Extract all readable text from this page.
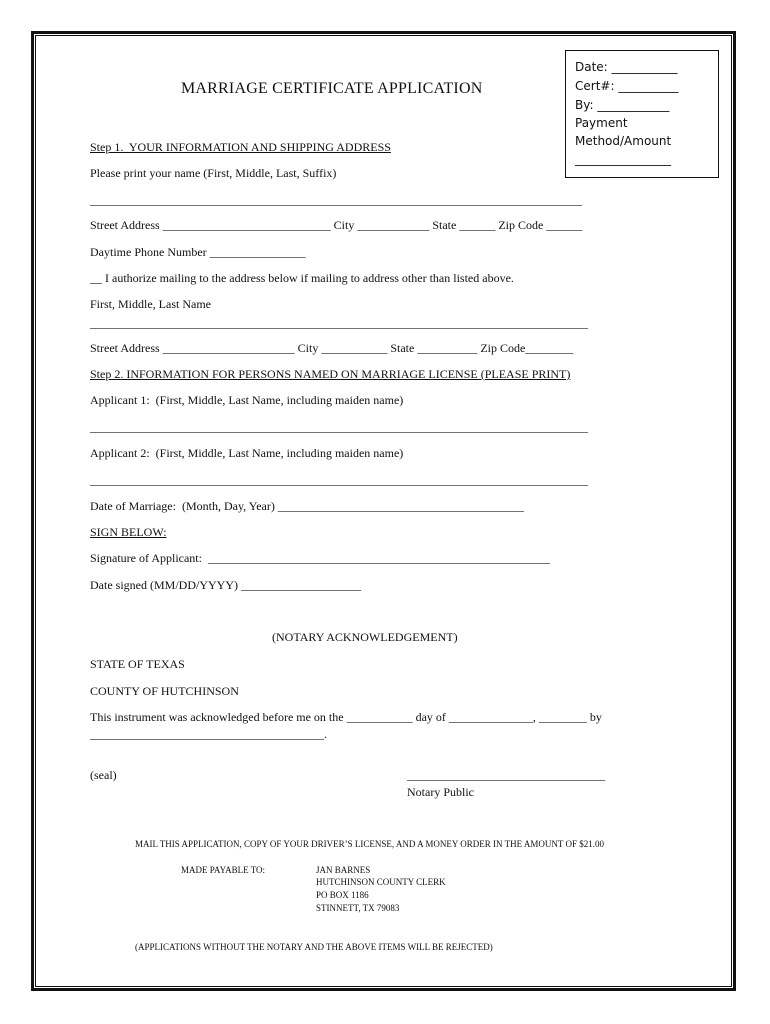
Date: ___________
Cert#: __________
By: ____________
Payment
Method/Amount
________________
MARRIAGE CERTIFICATE APPLICATION
Step 1.  YOUR INFORMATION AND SHIPPING ADDRESS
Please print your name (First, Middle, Last, Suffix)
__________________________________________________________________________________
Street Address ____________________________ City ____________ State ______ Zip Code ______
Daytime Phone Number ________________
__ I authorize mailing to the address below if mailing to address other than listed above.
First, Middle, Last Name
___________________________________________________________________________________
Street Address ______________________ City ___________ State __________ Zip Code________
Step 2. INFORMATION FOR PERSONS NAMED ON MARRIAGE LICENSE (PLEASE PRINT)
Applicant 1:  (First, Middle, Last Name, including maiden name)
___________________________________________________________________________________
Applicant 2:  (First, Middle, Last Name, including maiden name)
___________________________________________________________________________________
Date of Marriage:  (Month, Day, Year) _________________________________________
SIGN BELOW:
Signature of Applicant:  _________________________________________________________
Date signed (MM/DD/YYYY) ____________________
(NOTARY ACKNOWLEDGEMENT)
STATE OF TEXAS
COUNTY OF HUTCHINSON
This instrument was acknowledged before me on the ___________ day of ______________, ________ by
_______________________________________.
(seal)	_________________________________
Notary Public
MAIL THIS APPLICATION, COPY OF YOUR DRIVER’S LICENSE, AND A MONEY ORDER IN THE AMOUNT OF $21.00
MADE PAYABLE TO:	JAN BARNES
HUTCHINSON COUNTY CLERK
PO BOX 1186
STINNETT, TX 79083
(APPLICATIONS WITHOUT THE NOTARY AND THE ABOVE ITEMS WILL BE REJECTED)
